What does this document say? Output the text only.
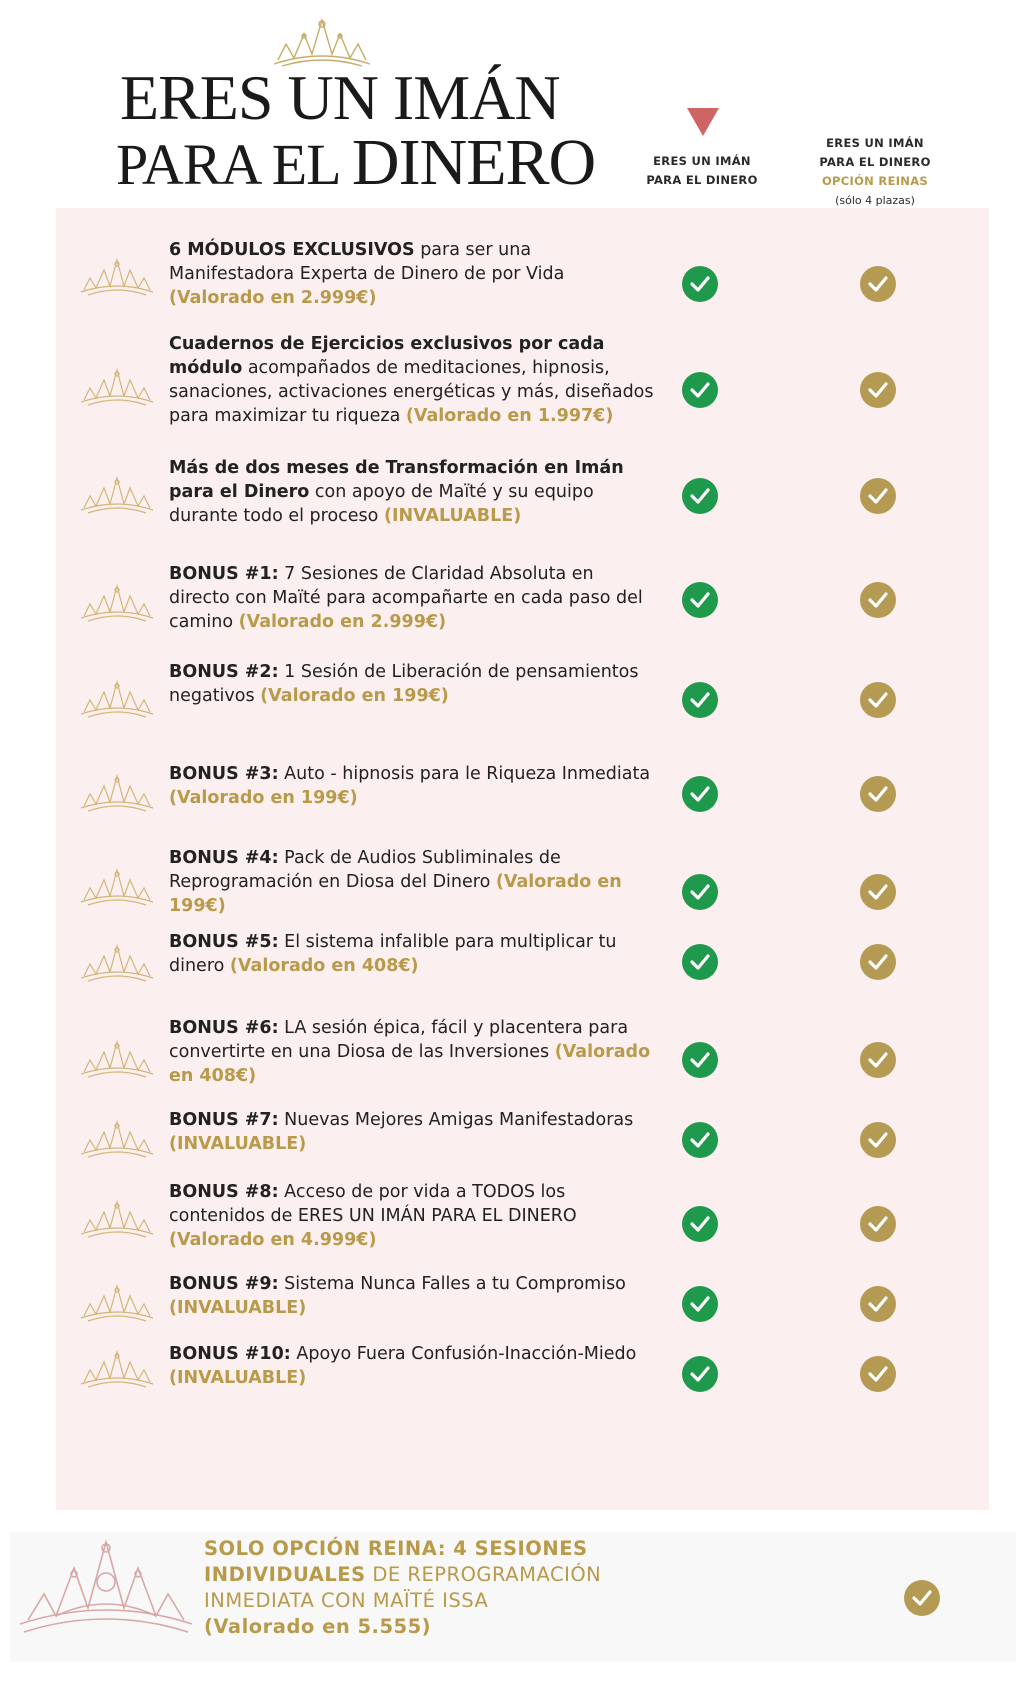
ERES UN IMÁN
PARA EL DINERO	ERES UN IMÁN
PARA EL DINERO
ERES UN IMÁN
PARA EL DINERO
OPCIÓN REINAS
(sólo 4 plazas)
6 MÓDULOS EXCLUSIVOS para ser una Manifestadora Experta de Dinero de por Vida (Valorado en 2.999€)
Cuadernos de Ejercicios exclusivos por cada módulo acompañados de meditaciones, hipnosis, sanaciones, activaciones energéticas y más, diseñados para maximizar tu riqueza (Valorado en 1.997€)
Más de dos meses de Transformación en Imán para el Dinero con apoyo de Maïté y su equipo durante todo el proceso (INVALUABLE)
BONUS #1: 7 Sesiones de Claridad Absoluta en directo con Maïté para acompañarte en cada paso del camino (Valorado en 2.999€)
BONUS #2: 1 Sesión de Liberación de pensamientos negativos (Valorado en 199€)
BONUS #3: Auto - hipnosis para le Riqueza Inmediata (Valorado en 199€)
BONUS #4: Pack de Audios Subliminales de Reprogramación en Diosa del Dinero (Valorado en 199€)
BONUS #5: El sistema infalible para multiplicar tu dinero (Valorado en 408€)
BONUS #6: LA sesión épica, fácil y placentera para convertirte en una Diosa de las Inversiones (Valorado en 408€)
BONUS #7: Nuevas Mejores Amigas Manifestadoras (INVALUABLE)
BONUS #8: Acceso de por vida a TODOS los contenidos de ERES UN IMÁN PARA EL DINERO (Valorado en 4.999€)
BONUS #9: Sistema Nunca Falles a tu Compromiso (INVALUABLE)
BONUS #10: Apoyo Fuera Confusión-Inacción-Miedo (INVALUABLE)
SOLO OPCIÓN REINA: 4 SESIONES INDIVIDUALES DE REPROGRAMACIÓN INMEDIATA CON MAÏTÉ ISSA
(Valorado en 5.555)
